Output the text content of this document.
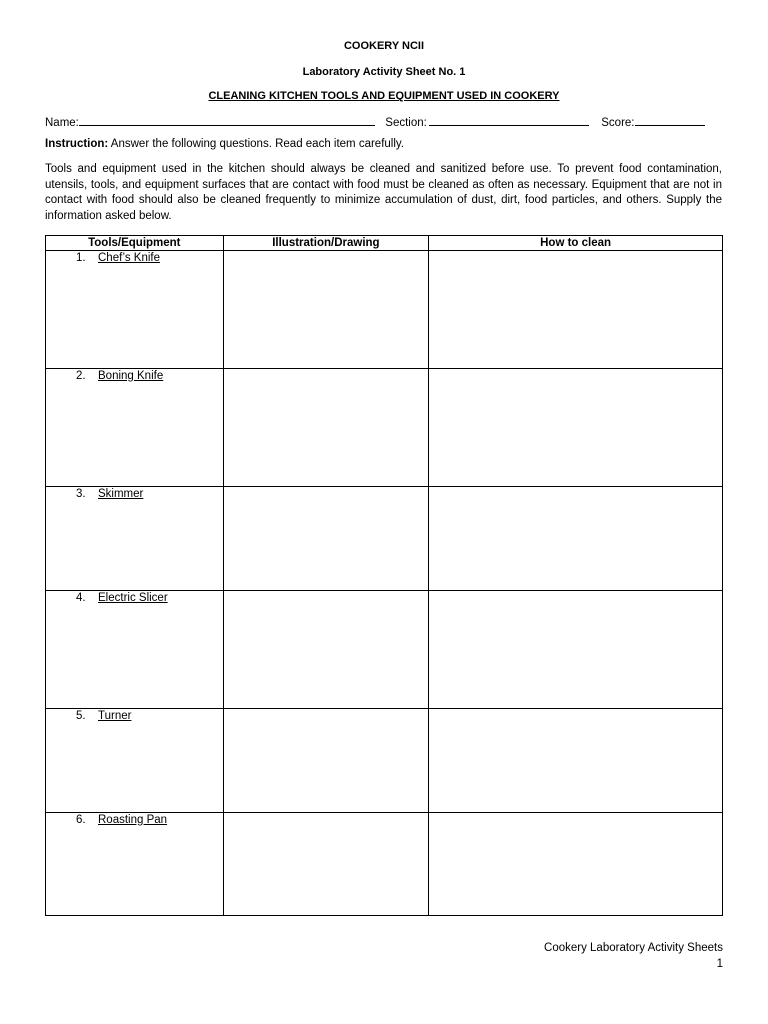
COOKERY NCII
Laboratory Activity Sheet No. 1
CLEANING KITCHEN TOOLS AND EQUIPMENT USED IN COOKERY
Name:	Section:	Score:
Instruction: Answer the following questions. Read each item carefully.
Tools and equipment used in the kitchen should always be cleaned and sanitized before use. To prevent food contamination, utensils, tools, and equipment surfaces that are contact with food must be cleaned as often as necessary. Equipment that are not in contact with food should also be cleaned frequently to minimize accumulation of dust, dirt, food particles, and others. Supply the information asked below.
Tools/Equipment	Illustration/Drawing	How to clean

1. Chef’s Knife		

2. Boning Knife		

3. Skimmer		

4. Electric Slicer		

5. Turner		

6. Roasting Pan		

Cookery Laboratory Activity Sheets
1
